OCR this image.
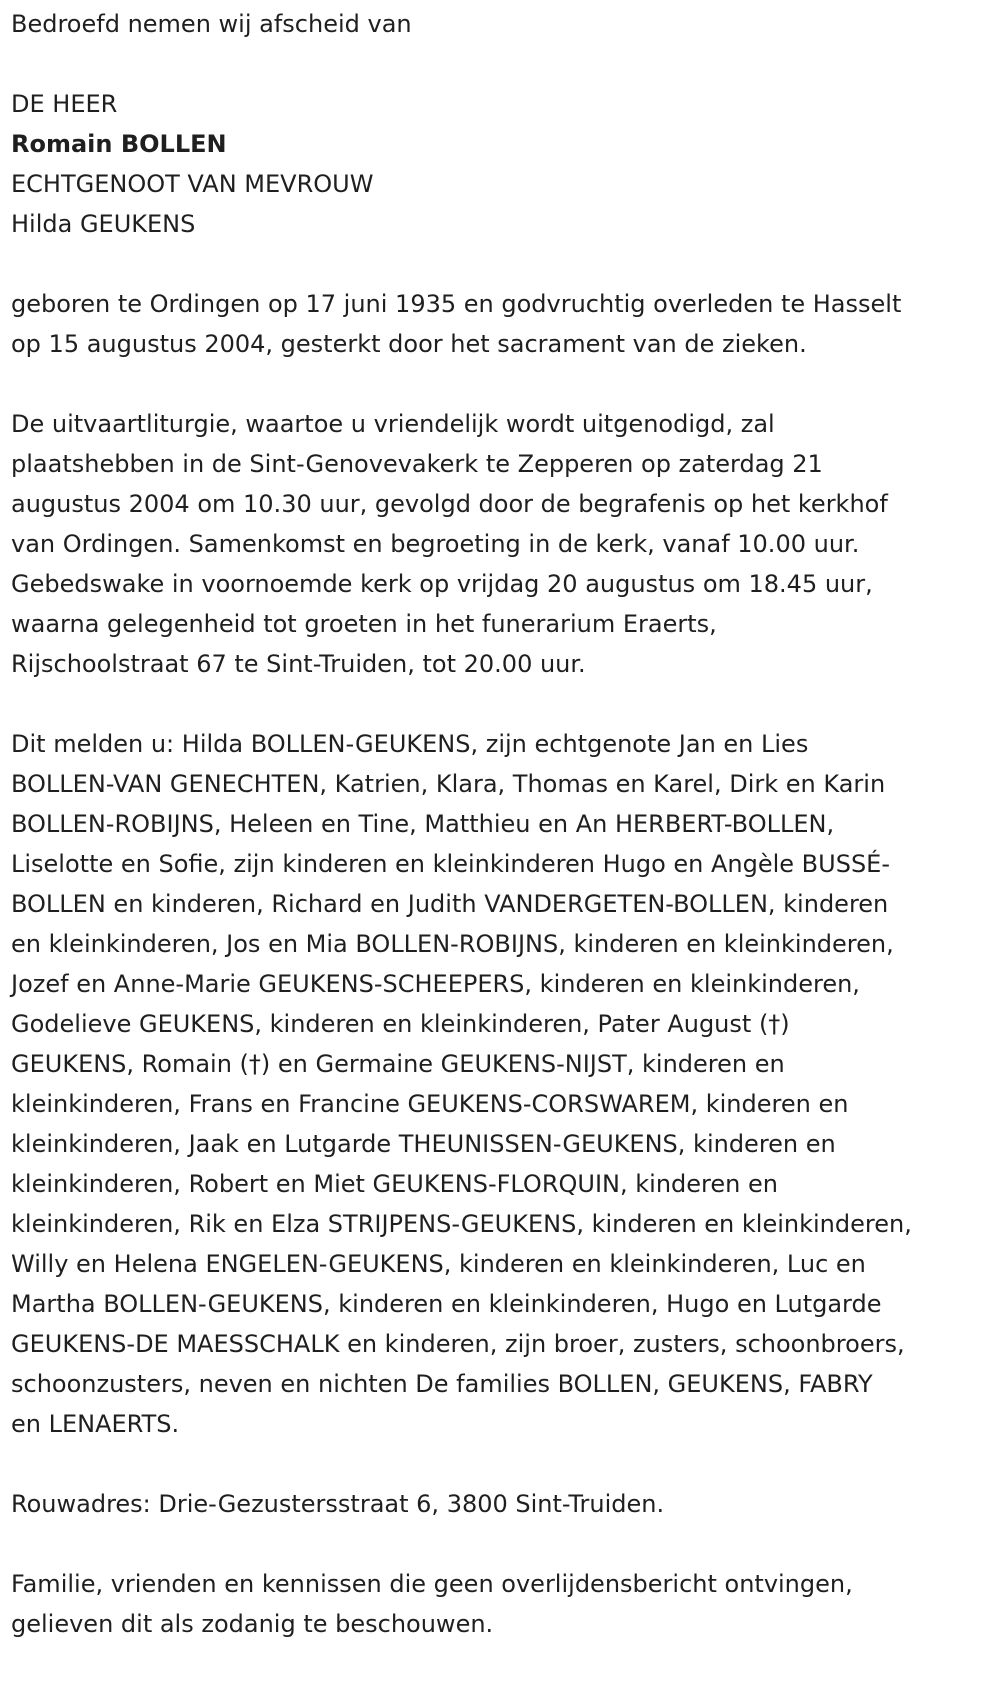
Bedroefd nemen wij afscheid van

DE HEER

Romain BOLLEN

ECHTGENOOT VAN MEVROUW

Hilda GEUKENS

geboren te Ordingen op 17 juni 1935 en godvruchtig overleden te Hasselt

op 15 augustus 2004, gesterkt door het sacrament van de zieken.

De uitvaartliturgie, waartoe u vriendelijk wordt uitgenodigd, zal

plaatshebben in de Sint-Genovevakerk te Zepperen op zaterdag 21

augustus 2004 om 10.30 uur, gevolgd door de begrafenis op het kerkhof

van Ordingen. Samenkomst en begroeting in de kerk, vanaf 10.00 uur.

Gebedswake in voornoemde kerk op vrijdag 20 augustus om 18.45 uur,

waarna gelegenheid tot groeten in het funerarium Eraerts,

Rijschoolstraat 67 te Sint-Truiden, tot 20.00 uur.

Dit melden u: Hilda BOLLEN-GEUKENS, zijn echtgenote Jan en Lies

BOLLEN-VAN GENECHTEN, Katrien, Klara, Thomas en Karel, Dirk en Karin

BOLLEN-ROBIJNS, Heleen en Tine, Matthieu en An HERBERT-BOLLEN,

Liselotte en Sofie, zijn kinderen en kleinkinderen Hugo en Angèle BUSSÉ-

BOLLEN en kinderen, Richard en Judith VANDERGETEN-BOLLEN, kinderen

en kleinkinderen, Jos en Mia BOLLEN-ROBIJNS, kinderen en kleinkinderen,

Jozef en Anne-Marie GEUKENS-SCHEEPERS, kinderen en kleinkinderen,

Godelieve GEUKENS, kinderen en kleinkinderen, Pater August (†)

GEUKENS, Romain (†) en Germaine GEUKENS-NIJST, kinderen en

kleinkinderen, Frans en Francine GEUKENS-CORSWAREM, kinderen en

kleinkinderen, Jaak en Lutgarde THEUNISSEN-GEUKENS, kinderen en

kleinkinderen, Robert en Miet GEUKENS-FLORQUIN, kinderen en

kleinkinderen, Rik en Elza STRIJPENS-GEUKENS, kinderen en kleinkinderen,

Willy en Helena ENGELEN-GEUKENS, kinderen en kleinkinderen, Luc en

Martha BOLLEN-GEUKENS, kinderen en kleinkinderen, Hugo en Lutgarde

GEUKENS-DE MAESSCHALK en kinderen, zijn broer, zusters, schoonbroers,

schoonzusters, neven en nichten De families BOLLEN, GEUKENS, FABRY

en LENAERTS.

Rouwadres: Drie-Gezustersstraat 6, 3800 Sint-Truiden.

Familie, vrienden en kennissen die geen overlijdensbericht ontvingen,

gelieven dit als zodanig te beschouwen.
